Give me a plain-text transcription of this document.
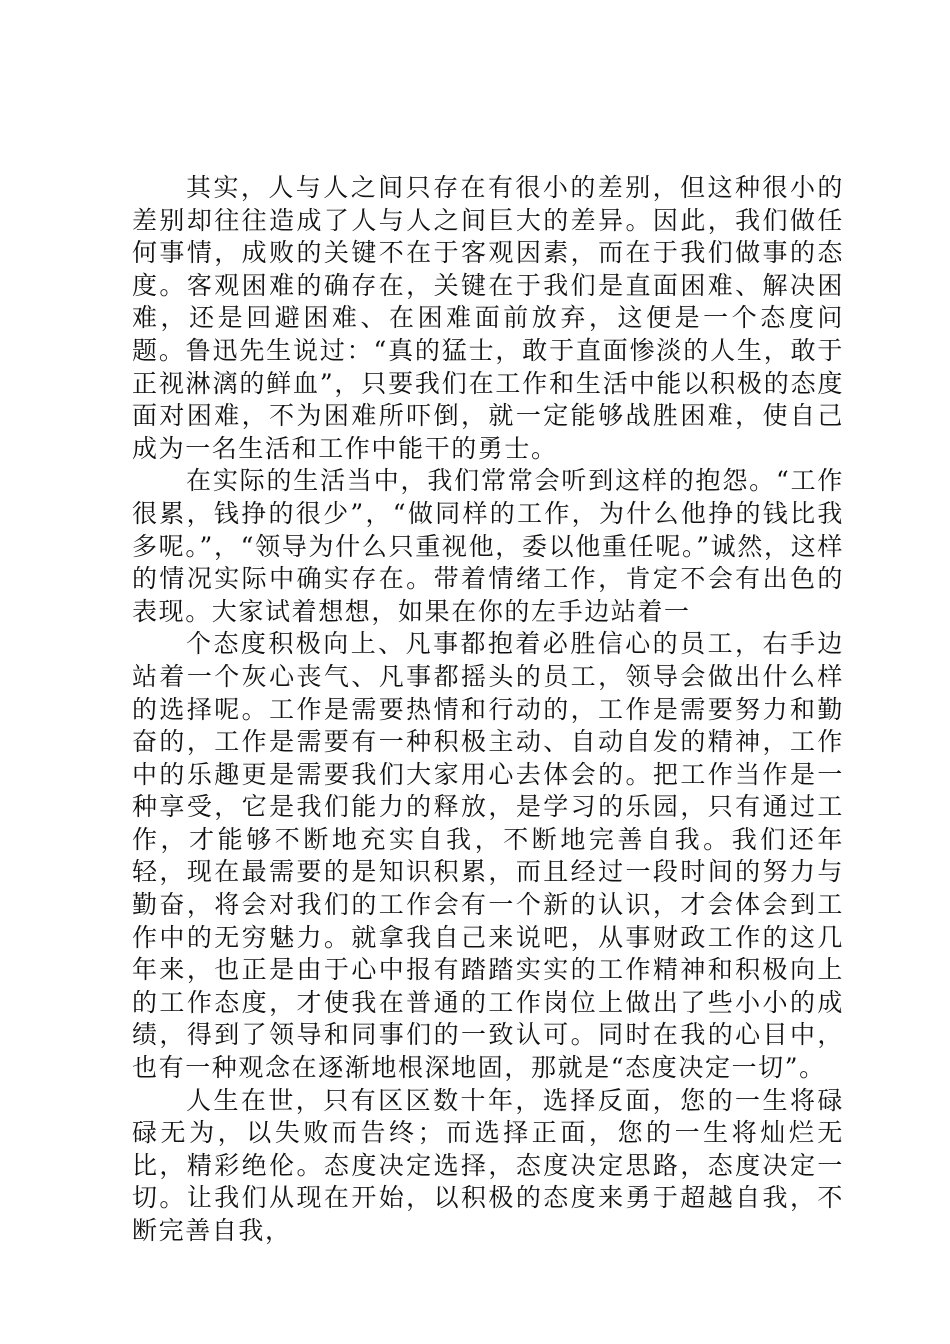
其实，人与人之间只存在有很小的差别，但这种很小的差别却往往造成了人与人之间巨大的差异。因此，我们做任何事情，成败的关键不在于客观因素，而在于我们做事的态度。客观困难的确存在，关键在于我们是直面困难、解决困难，还是回避困难、在困难面前放弃，这便是一个态度问题。鲁迅先生说过：“真的猛士，敢于直面惨淡的人生，敢于正视淋漓的鲜血”，只要我们在工作和生活中能以积极的态度面对困难，不为困难所吓倒，就一定能够战胜困难，使自己成为一名生活和工作中能干的勇士。

在实际的生活当中，我们常常会听到这样的抱怨。“工作很累，钱挣的很少”，“做同样的工作，为什么他挣的钱比我多呢。”，“领导为什么只重视他，委以他重任呢。”诚然，这样的情况实际中确实存在。带着情绪工作，肯定不会有出色的表现。大家试着想想，如果在你的左手边站着一

个态度积极向上、凡事都抱着必胜信心的员工，右手边站着一个灰心丧气、凡事都摇头的员工，领导会做出什么样的选择呢。工作是需要热情和行动的，工作是需要努力和勤奋的，工作是需要有一种积极主动、自动自发的精神，工作中的乐趣更是需要我们大家用心去体会的。把工作当作是一种享受，它是我们能力的释放，是学习的乐园，只有通过工作，才能够不断地充实自我，不断地完善自我。我们还年轻，现在最需要的是知识积累，而且经过一段时间的努力与勤奋，将会对我们的工作会有一个新的认识，才会体会到工作中的无穷魅力。就拿我自己来说吧，从事财政工作的这几年来，也正是由于心中报有踏踏实实的工作精神和积极向上的工作态度，才使我在普通的工作岗位上做出了些小小的成绩，得到了领导和同事们的一致认可。同时在我的心目中，也有一种观念在逐渐地根深地固，那就是“态度决定一切”。

人生在世，只有区区数十年，选择反面，您的一生将碌碌无为，以失败而告终；而选择正面，您的一生将灿烂无比，精彩绝伦。态度决定选择，态度决定思路，态度决定一切。让我们从现在开始，以积极的态度来勇于超越自我，不断完善自我，
